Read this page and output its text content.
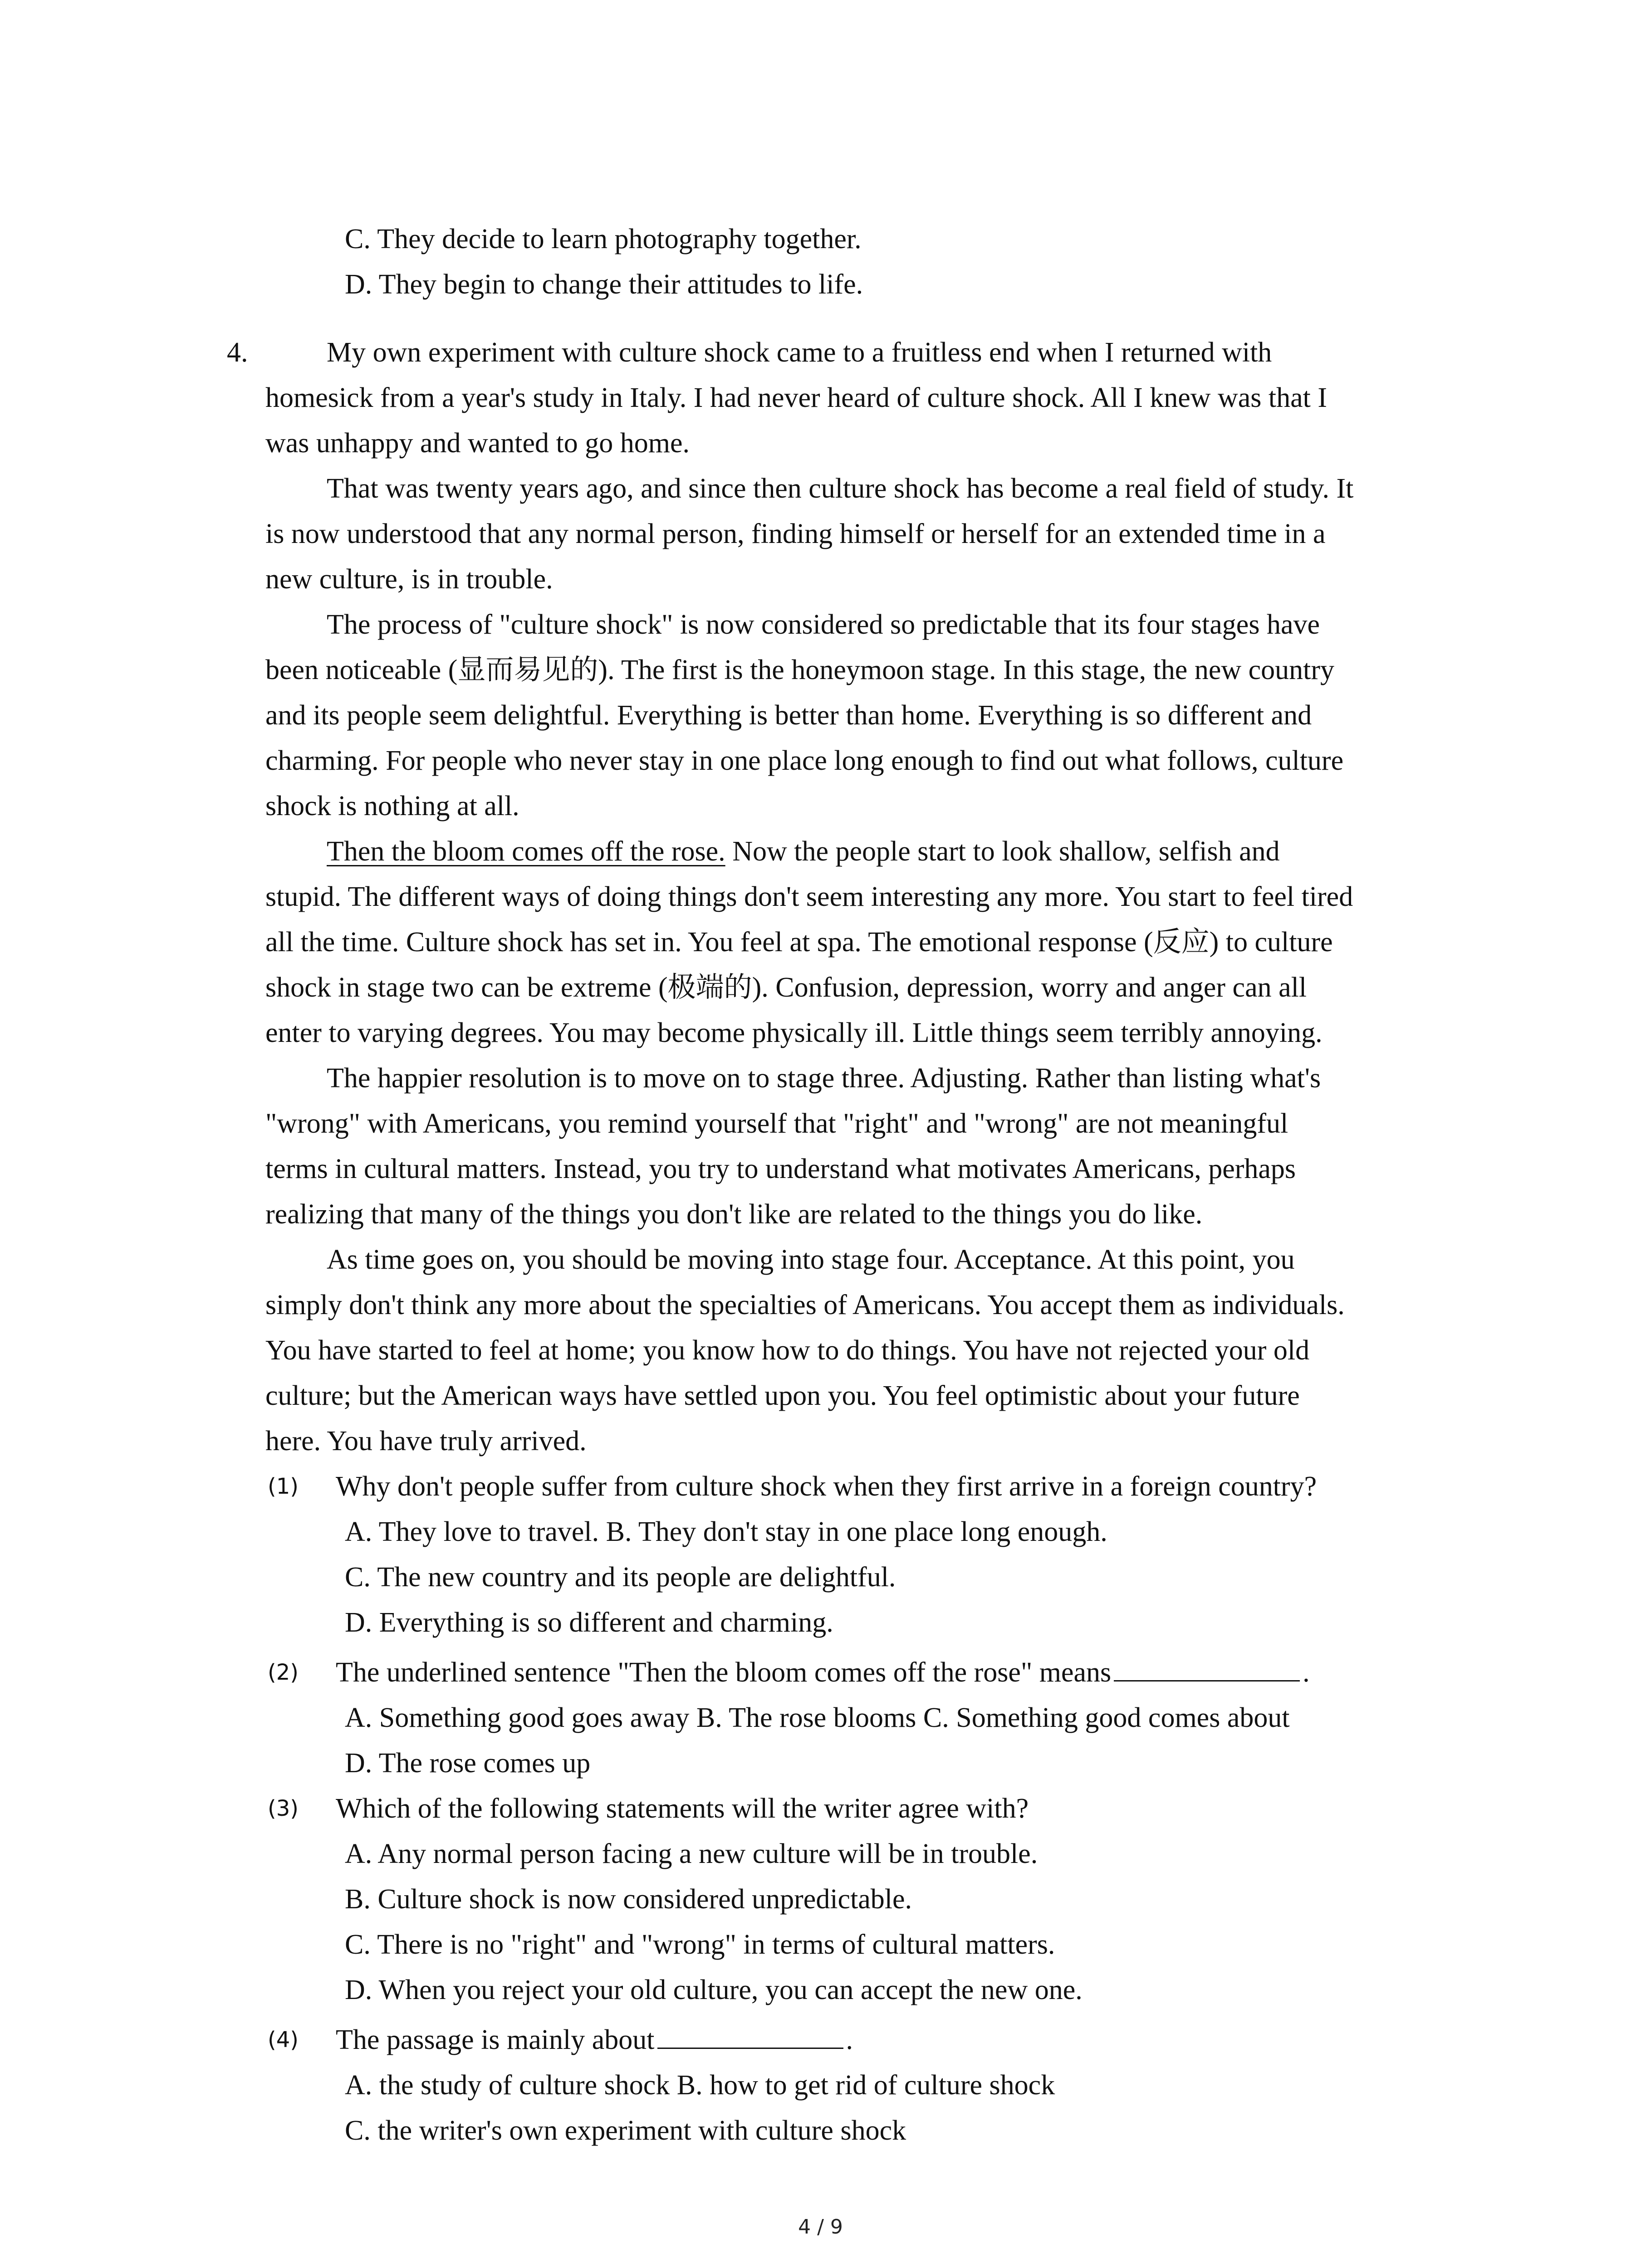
C. They decide to learn photography together.
D. They begin to change their attitudes to life.
4.	My own experiment with culture shock came to a fruitless end when I returned with
homesick from a year's study in Italy. I had never heard of culture shock. All I knew was that I
was unhappy and wanted to go home.
That was twenty years ago, and since then culture shock has become a real field of study. It
is now understood that any normal person, finding himself or herself for an extended time in a
new culture, is in trouble.
The process of "culture shock" is now considered so predictable that its four stages have
been noticeable (显而易见的). The first is the honeymoon stage. In this stage, the new country
and its people seem delightful. Everything is better than home. Everything is so different and
charming. For people who never stay in one place long enough to find out what follows, culture
shock is nothing at all.
Then the bloom comes off the rose. Now the people start to look shallow, selfish and
stupid. The different ways of doing things don't seem interesting any more. You start to feel tired
all the time. Culture shock has set in. You feel at spa. The emotional response (反应) to culture
shock in stage two can be extreme (极端的). Confusion, depression, worry and anger can all
enter to varying degrees. You may become physically ill. Little things seem terribly annoying.
The happier resolution is to move on to stage three. Adjusting. Rather than listing what's
"wrong" with Americans, you remind yourself that "right" and "wrong" are not meaningful
terms in cultural matters. Instead, you try to understand what motivates Americans, perhaps
realizing that many of the things you don't like are related to the things you do like.
As time goes on, you should be moving into stage four. Acceptance. At this point, you
simply don't think any more about the specialties of Americans. You accept them as individuals.
You have started to feel at home; you know how to do things. You have not rejected your old
culture; but the American ways have settled upon you. You feel optimistic about your future
here. You have truly arrived.
(1) Why don't people suffer from culture shock when they first arrive in a foreign country?
A. They love to travel. B. They don't stay in one place long enough.
C. The new country and its people are delightful.
D. Everything is so different and charming.
(2) The underlined sentence "Then the bloom comes off the rose" means	.
A. Something good goes away B. The rose blooms C. Something good comes about
D. The rose comes up
(3) Which of the following statements will the writer agree with?
A. Any normal person facing a new culture will be in trouble.
B. Culture shock is now considered unpredictable.
C. There is no "right" and "wrong" in terms of cultural matters.
D. When you reject your old culture, you can accept the new one.
(4) The passage is mainly about	.
A. the study of culture shock B. how to get rid of culture shock
C. the writer's own experiment with culture shock
4 / 9
